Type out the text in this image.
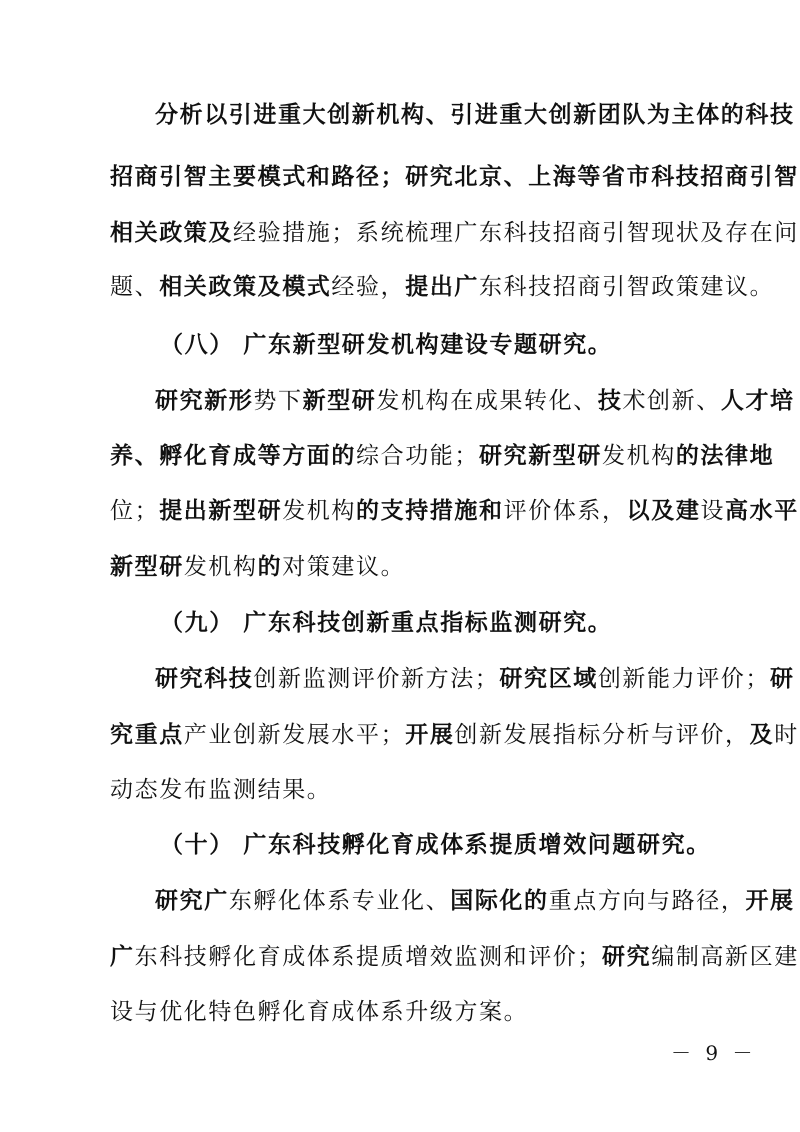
分析以引进重大创新机构、引进重大创新团队为主体的科技
招商引智主要模式和路径；研究北京、上海等省市科技招商引智
相关政策及经验措施；系统梳理广东科技招商引智现状及存在问
题、相关政策及模式经验，提出广东科技招商引智政策建议。
（八） 广东新型研发机构建设专题研究。
研究新形势下新型研发机构在成果转化、技术创新、人才培
养、孵化育成等方面的综合功能；研究新型研发机构的法律地
位；提出新型研发机构的支持措施和评价体系，以及建设高水平
新型研发机构的对策建议。
（九） 广东科技创新重点指标监测研究。
研究科技创新监测评价新方法；研究区域创新能力评价；研
究重点产业创新发展水平；开展创新发展指标分析与评价，及时
动态发布监测结果。
（十） 广东科技孵化育成体系提质增效问题研究。
研究广东孵化体系专业化、国际化的重点方向与路径，开展
广东科技孵化育成体系提质增效监测和评价；研究编制高新区建
设与优化特色孵化育成体系升级方案。
－ 9 －
